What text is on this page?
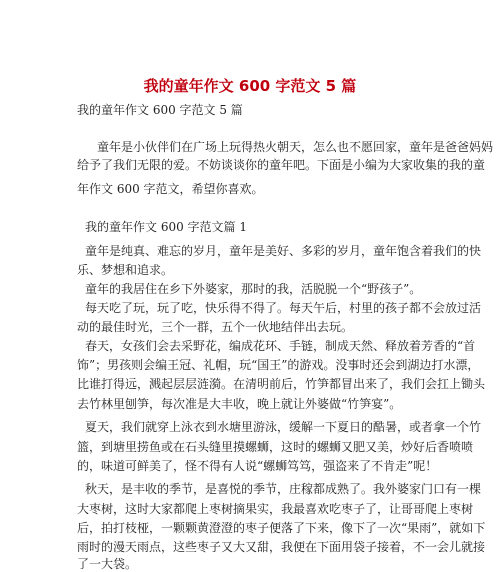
我的童年作文 600 字范文 5 篇
我的童年作文 600 字范文 5 篇
童年是小伙伴们在广场上玩得热火朝天，怎么也不愿回家，童年是爸爸妈妈
给予了我们无限的爱。不妨谈谈你的童年吧。下面是小编为大家收集的我的童
年作文 600 字范文，希望你喜欢。
我的童年作文 600 字范文篇 1
童年是纯真、难忘的岁月，童年是美好、多彩的岁月，童年饱含着我们的快
乐、梦想和追求。
童年的我居住在乡下外婆家，那时的我，活脱脱一个“野孩子”。
每天吃了玩，玩了吃，快乐得不得了。每天午后，村里的孩子都不会放过活
动的最佳时光，三个一群，五个一伙地结伴出去玩。
春天，女孩们会去采野花，编成花环、手链，制成天然、释放着芳香的“首
饰”；男孩则会编王冠、礼帽，玩“国王”的游戏。没事时还会到湖边打水漂，
比谁打得远，溅起层层涟漪。在清明前后，竹笋都冒出来了，我们会扛上锄头
去竹林里刨笋，每次准是大丰收，晚上就让外婆做“竹笋宴”。
夏天，我们就穿上泳衣到水塘里游泳，缓解一下夏日的酷暑，或者拿一个竹
篮，到塘里捞鱼或在石头缝里摸螺蛳，这时的螺蛳又肥又美，炒好后香喷喷
的，味道可鲜美了，怪不得有人说“螺蛳笃笃，强盗来了不肯走”呢！
秋天，是丰收的季节，是喜悦的季节，庄稼都成熟了。我外婆家门口有一棵
大枣树，这时大家都爬上枣树摘果实，我最喜欢吃枣子了，让哥哥爬上枣树
后，拍打枝桠，一颗颗黄澄澄的枣子便落了下来，像下了一次“果雨”，就如下
雨时的漫天雨点，这些枣子又大又甜，我便在下面用袋子接着，不一会儿就接
了一大袋。
